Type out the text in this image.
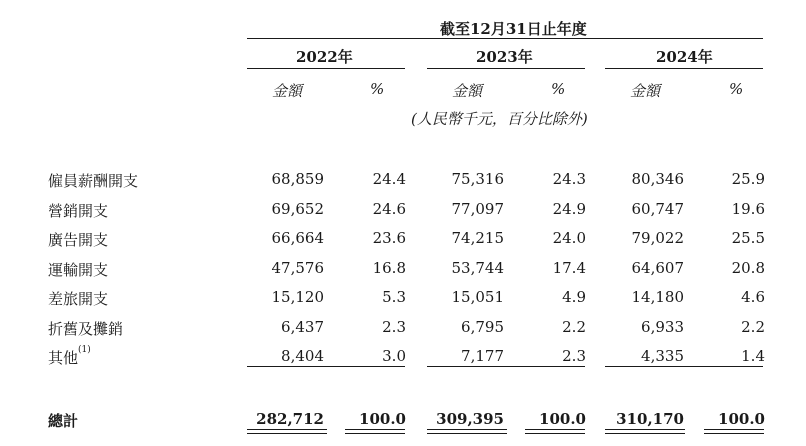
截至12月31日止年度
2022年	2023年	2024年
金額	%	金額	%	金額	%
(人民幣千元，百分比除外)
僱員薪酬開支	68,859	24.4	75,316	24.3	80,346	25.9
營銷開支	69,652	24.6	77,097	24.9	60,747	19.6
廣告開支	66,664	23.6	74,215	24.0	79,022	25.5
運輸開支	47,576	16.8	53,744	17.4	64,607	20.8
差旅開支	15,120	5.3	15,051	4.9	14,180	4.6
折舊及攤銷	6,437	2.3	6,795	2.2	6,933	2.2
其他$^{(1)}$	8,404	3.0	7,177	2.3	4,335	1.4
總計	282,712 100.0 309,395 100.0 310,170 100.0
